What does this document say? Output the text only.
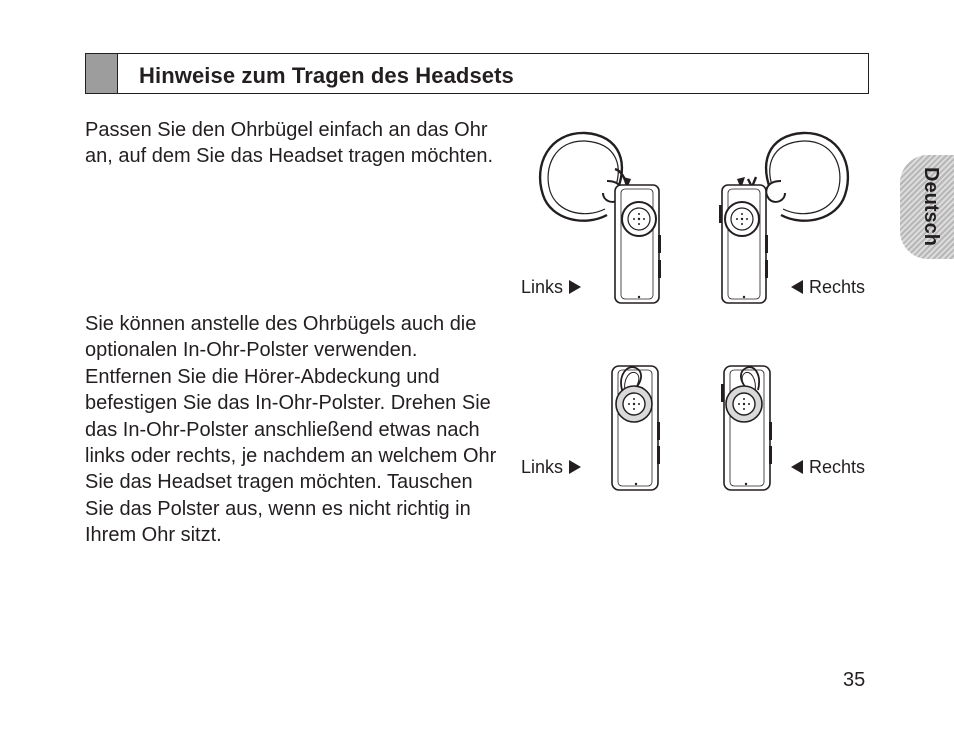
Hinweise zum Tragen des Headsets

Passen Sie den Ohrbügel einfach an das Ohr an, auf dem Sie das Headset tragen möchten.

Sie können anstelle des Ohrbügels auch die optionalen In-Ohr-Polster verwenden. Entfernen Sie die Hörer-Abdeckung und befestigen Sie das In-Ohr-Polster. Drehen Sie das In-Ohr-Polster anschließend etwas nach links oder rechts, je nachdem an welchem Ohr Sie das Headset tragen möchten. Tauschen Sie das Polster aus, wenn es nicht richtig in Ihrem Ohr sitzt.

Links	Rechts
Links	Rechts
Deutsch
35
